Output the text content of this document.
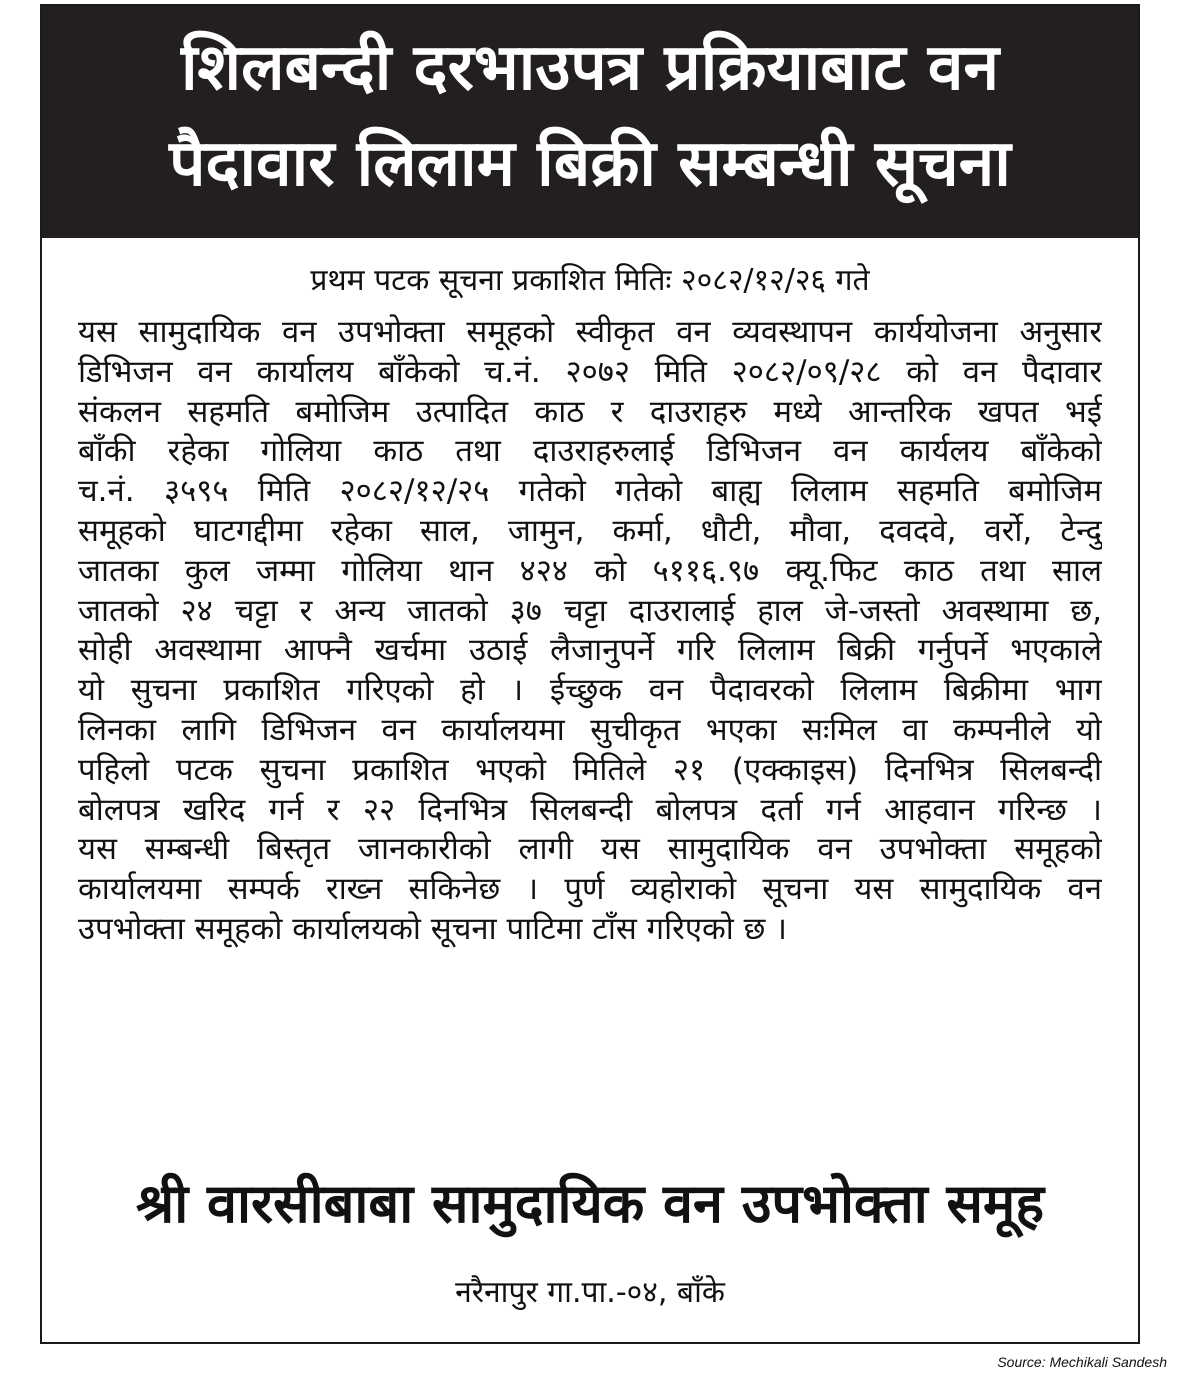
शिलबन्दी दरभाउपत्र प्रक्रियाबाट वन
पैदावार लिलाम बिक्री सम्बन्धी सूचना
प्रथम पटक सूचना प्रकाशित मितिः २०८२/१२/२६ गते
यस सामुदायिक वन उपभोक्ता समूहको स्वीकृत वन व्यवस्थापन कार्ययोजना अनुसार
डिभिजन वन कार्यालय बाँकेको च.नं. २०७२ मिति २०८२/०९/२८ को वन पैदावार
संकलन सहमति बमोजिम उत्पादित काठ र दाउराहरु मध्ये आन्तरिक खपत भई
बाँकी रहेका गोलिया काठ तथा दाउराहरुलाई डिभिजन वन कार्यलय बाँकेको
च.नं. ३५९५ मिति २०८२/१२/२५ गतेको गतेको बाह्य लिलाम सहमति बमोजिम
समूहको घाटगद्दीमा रहेका साल, जामुन, कर्मा, धौटी, मौवा, दवदवे, वर्रो, टेन्दु
जातका कुल जम्मा गोलिया थान ४२४ को ५११६.९७ क्यू.फिट काठ तथा साल
जातको २४ चट्टा र अन्य जातको ३७ चट्टा दाउरालाई हाल जे-जस्तो अवस्थामा छ,
सोही अवस्थामा आफ्नै खर्चमा उठाई लैजानुपर्ने गरि लिलाम बिक्री गर्नुपर्ने भएकाले
यो सुचना प्रकाशित गरिएको हो । ईच्छुक वन पैदावरको लिलाम बिक्रीमा भाग
लिनका लागि डिभिजन वन कार्यालयमा सुचीकृत भएका सःमिल वा कम्पनीले यो
पहिलो पटक सुचना प्रकाशित भएको मितिले २१ (एक्काइस) दिनभित्र सिलबन्दी
बोलपत्र खरिद गर्न र २२ दिनभित्र सिलबन्दी बोलपत्र दर्ता गर्न आहवान गरिन्छ ।
यस सम्बन्धी बिस्तृत जानकारीको लागी यस सामुदायिक वन उपभोक्ता समूहको
कार्यालयमा सम्पर्क राख्न सकिनेछ । पुर्ण व्यहोराको सूचना यस सामुदायिक वन
उपभोक्ता समूहको कार्यालयको सूचना पाटिमा टाँस गरिएको छ ।
श्री वारसीबाबा सामुदायिक वन उपभोक्ता समूह
नरैनापुर गा.पा.-०४, बाँके
Source: Mechikali Sandesh
